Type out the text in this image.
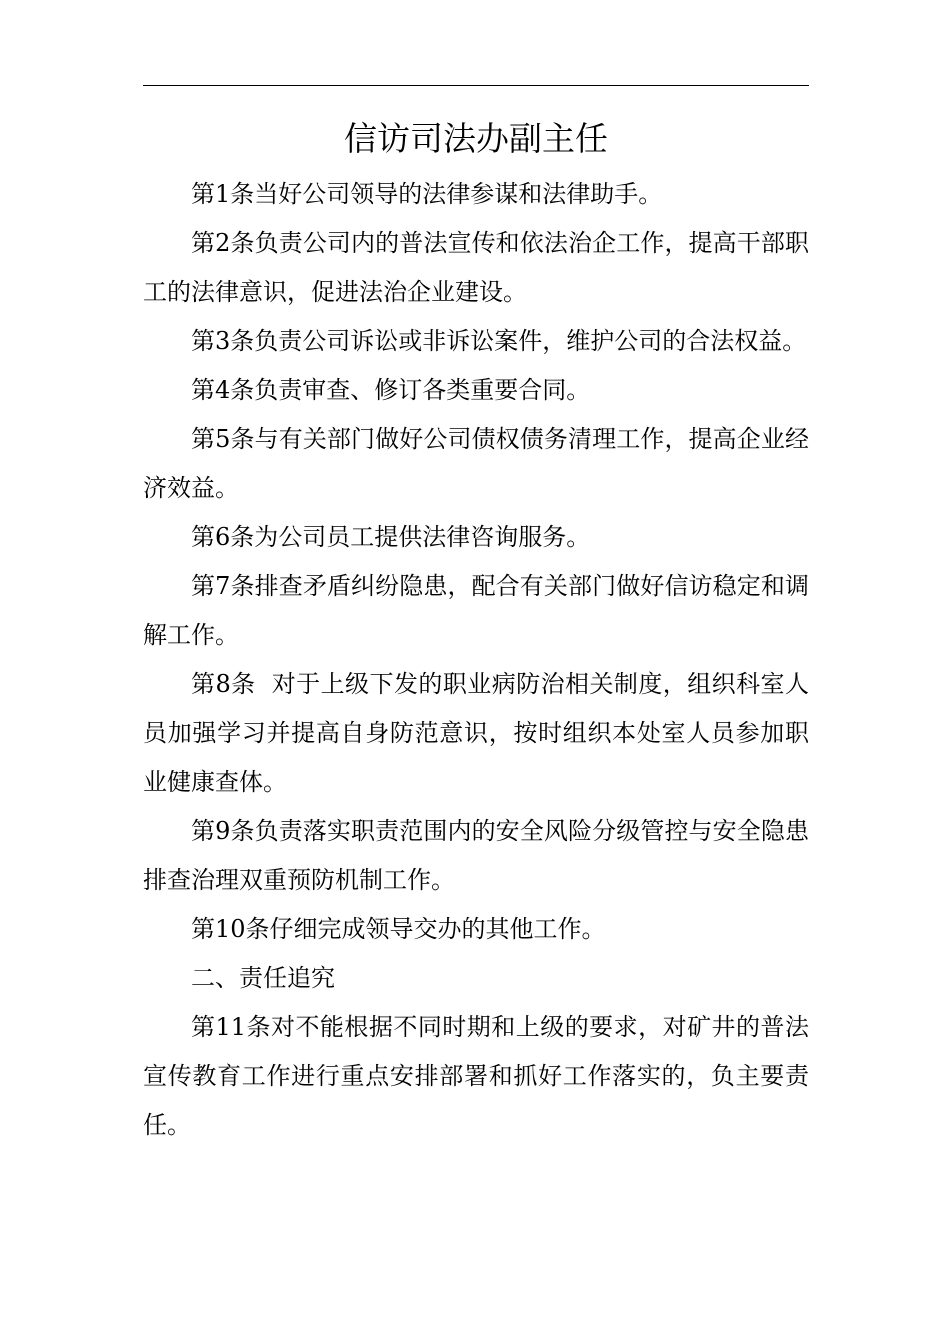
信访司法办副主任

第1条当好公司领导的法律参谋和法律助手。

第2条负责公司内的普法宣传和依法治企工作，提高干部职工的法律意识，促进法治企业建设。

第3条负责公司诉讼或非诉讼案件，维护公司的合法权益。

第4条负责审查、修订各类重要合同。

第5条与有关部门做好公司债权债务清理工作，提高企业经济效益。

第6条为公司员工提供法律咨询服务。

第7条排查矛盾纠纷隐患，配合有关部门做好信访稳定和调解工作。

第8条  对于上级下发的职业病防治相关制度，组织科室人员加强学习并提高自身防范意识，按时组织本处室人员参加职业健康查体。

第9条负责落实职责范围内的安全风险分级管控与安全隐患排查治理双重预防机制工作。

第10条仔细完成领导交办的其他工作。

二、责任追究

第11条对不能根据不同时期和上级的要求，对矿井的普法宣传教育工作进行重点安排部署和抓好工作落实的，负主要责任。
